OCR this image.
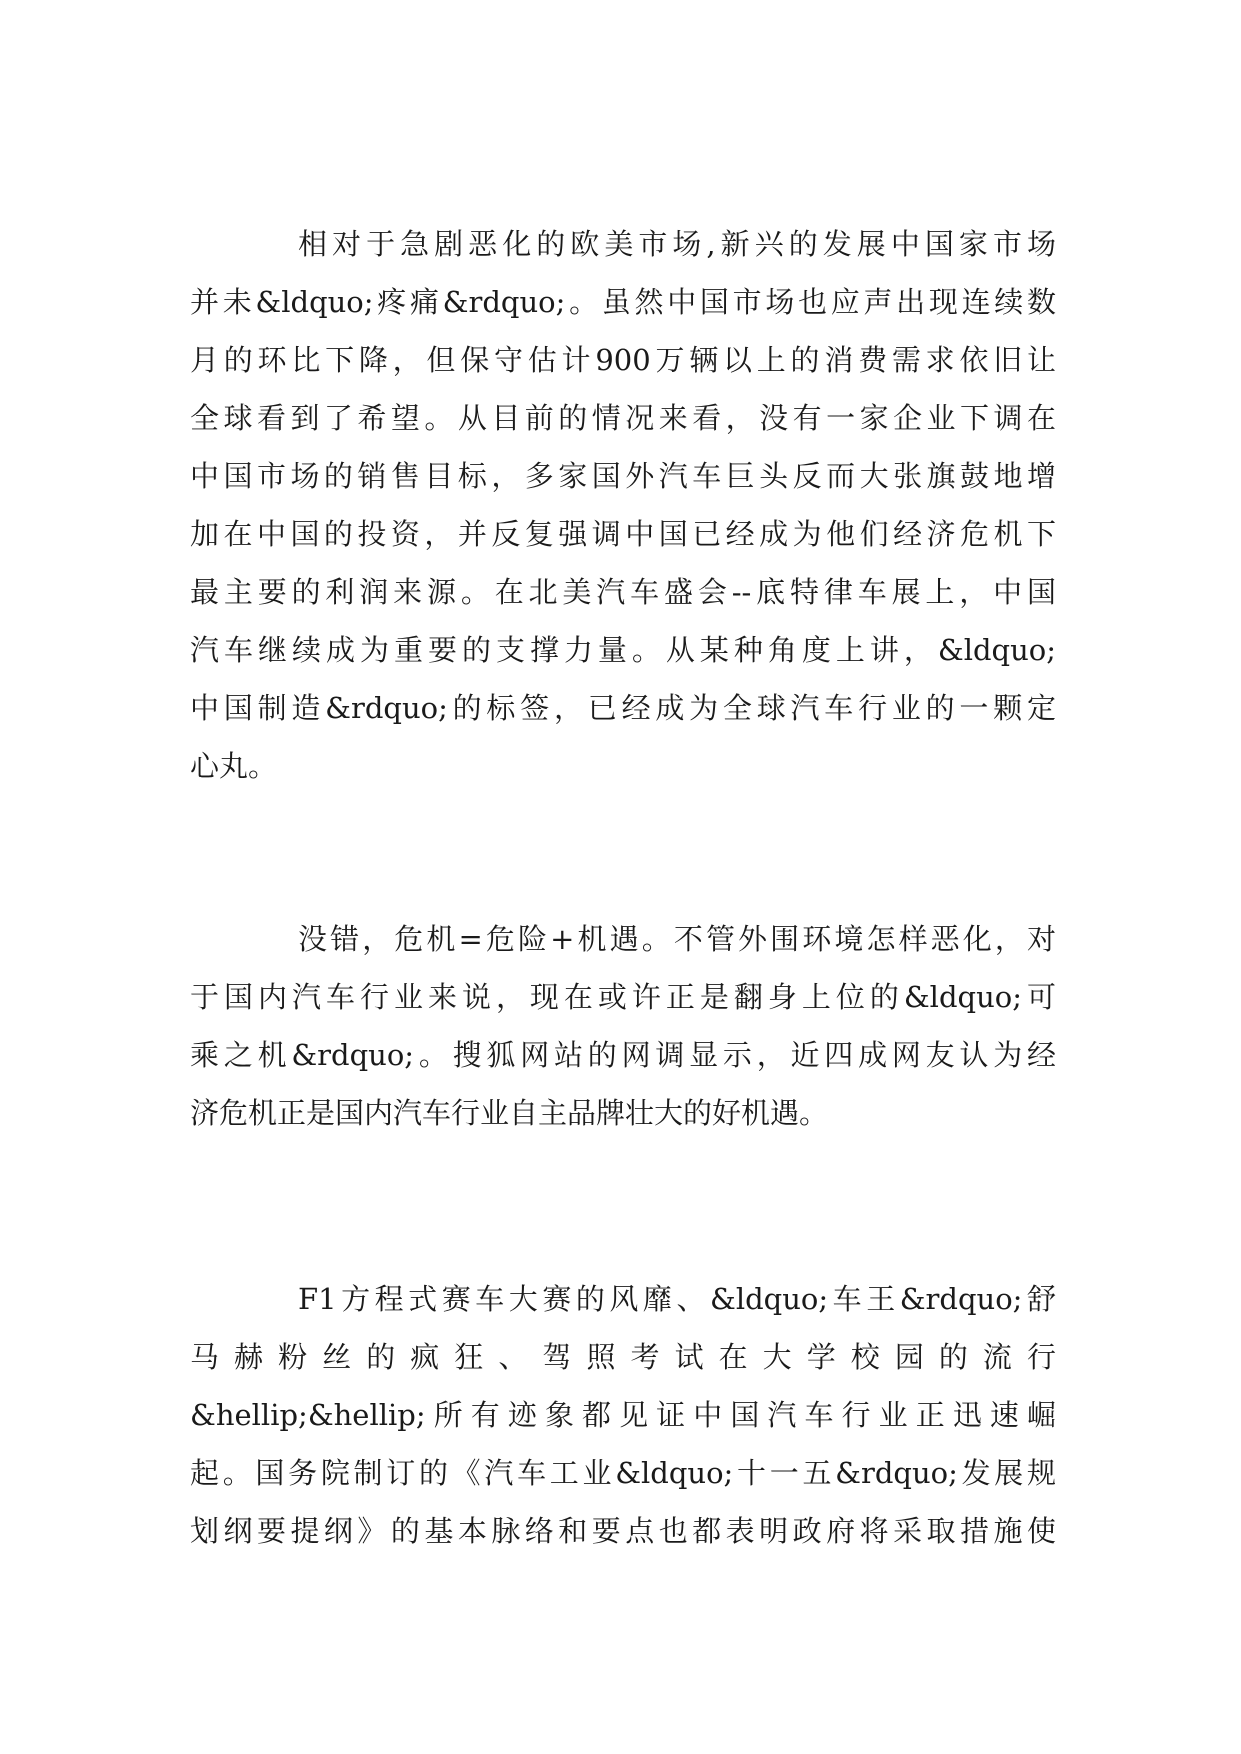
相对于急剧恶化的欧美市场,新兴的发展中国家市场
并未&ldquo;疼痛&rdquo;。虽然中国市场也应声出现连续数
月的环比下降，但保守估计900万辆以上的消费需求依旧让
全球看到了希望。从目前的情况来看，没有一家企业下调在
中国市场的销售目标，多家国外汽车巨头反而大张旗鼓地增
加在中国的投资，并反复强调中国已经成为他们经济危机下
最主要的利润来源。在北美汽车盛会--底特律车展上，中国
汽车继续成为重要的支撑力量。从某种角度上讲，&ldquo;
中国制造&rdquo;的标签，已经成为全球汽车行业的一颗定
心丸。
没错，危机=危险+机遇。不管外围环境怎样恶化，对
于国内汽车行业来说，现在或许正是翻身上位的&ldquo;可
乘之机&rdquo;。搜狐网站的网调显示，近四成网友认为经
济危机正是国内汽车行业自主品牌壮大的好机遇。
F1方程式赛车大赛的风靡、&ldquo;车王&rdquo;舒
马赫粉丝的疯狂、驾照考试在大学校园的流行
&hellip;&hellip;所有迹象都见证中国汽车行业正迅速崛
起。国务院制订的《汽车工业&ldquo;十一五&rdquo;发展规
划纲要提纲》的基本脉络和要点也都表明政府将采取措施使
